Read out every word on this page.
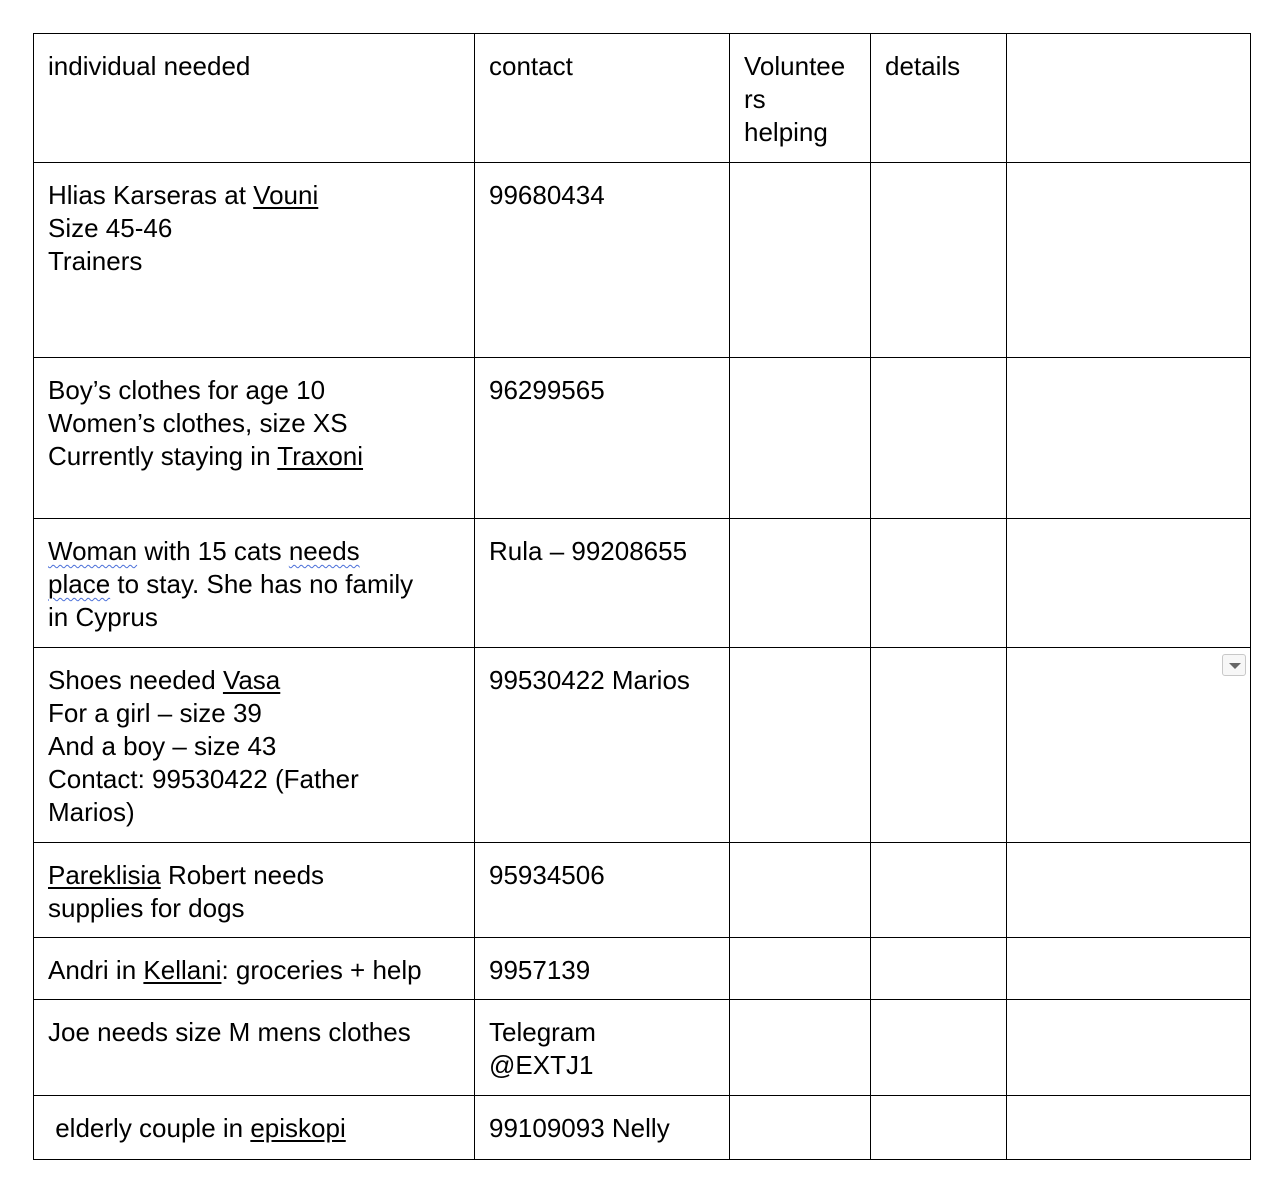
individual needed	contact	Voluntee
rs
helping	details	

Hlias Karseras at Vouni
Size 45-46
Trainers	99680434			

Boy’s clothes for age 10
Women’s clothes, size XS
Currently staying in Traxoni	96299565			

Woman with 15 cats needs
place to stay. She has no family
in Cyprus	Rula – 99208655			

Shoes needed Vasa
For a girl – size 39
And a boy – size 43
Contact: 99530422 (Father
Marios)	99530422 Marios			

Pareklisia Robert needs
supplies for dogs	95934506			

Andri in Kellani: groceries + help	9957139			

Joe needs size M mens clothes	Telegram
@EXTJ1			

elderly couple in episkopi	99109093 Nelly			
